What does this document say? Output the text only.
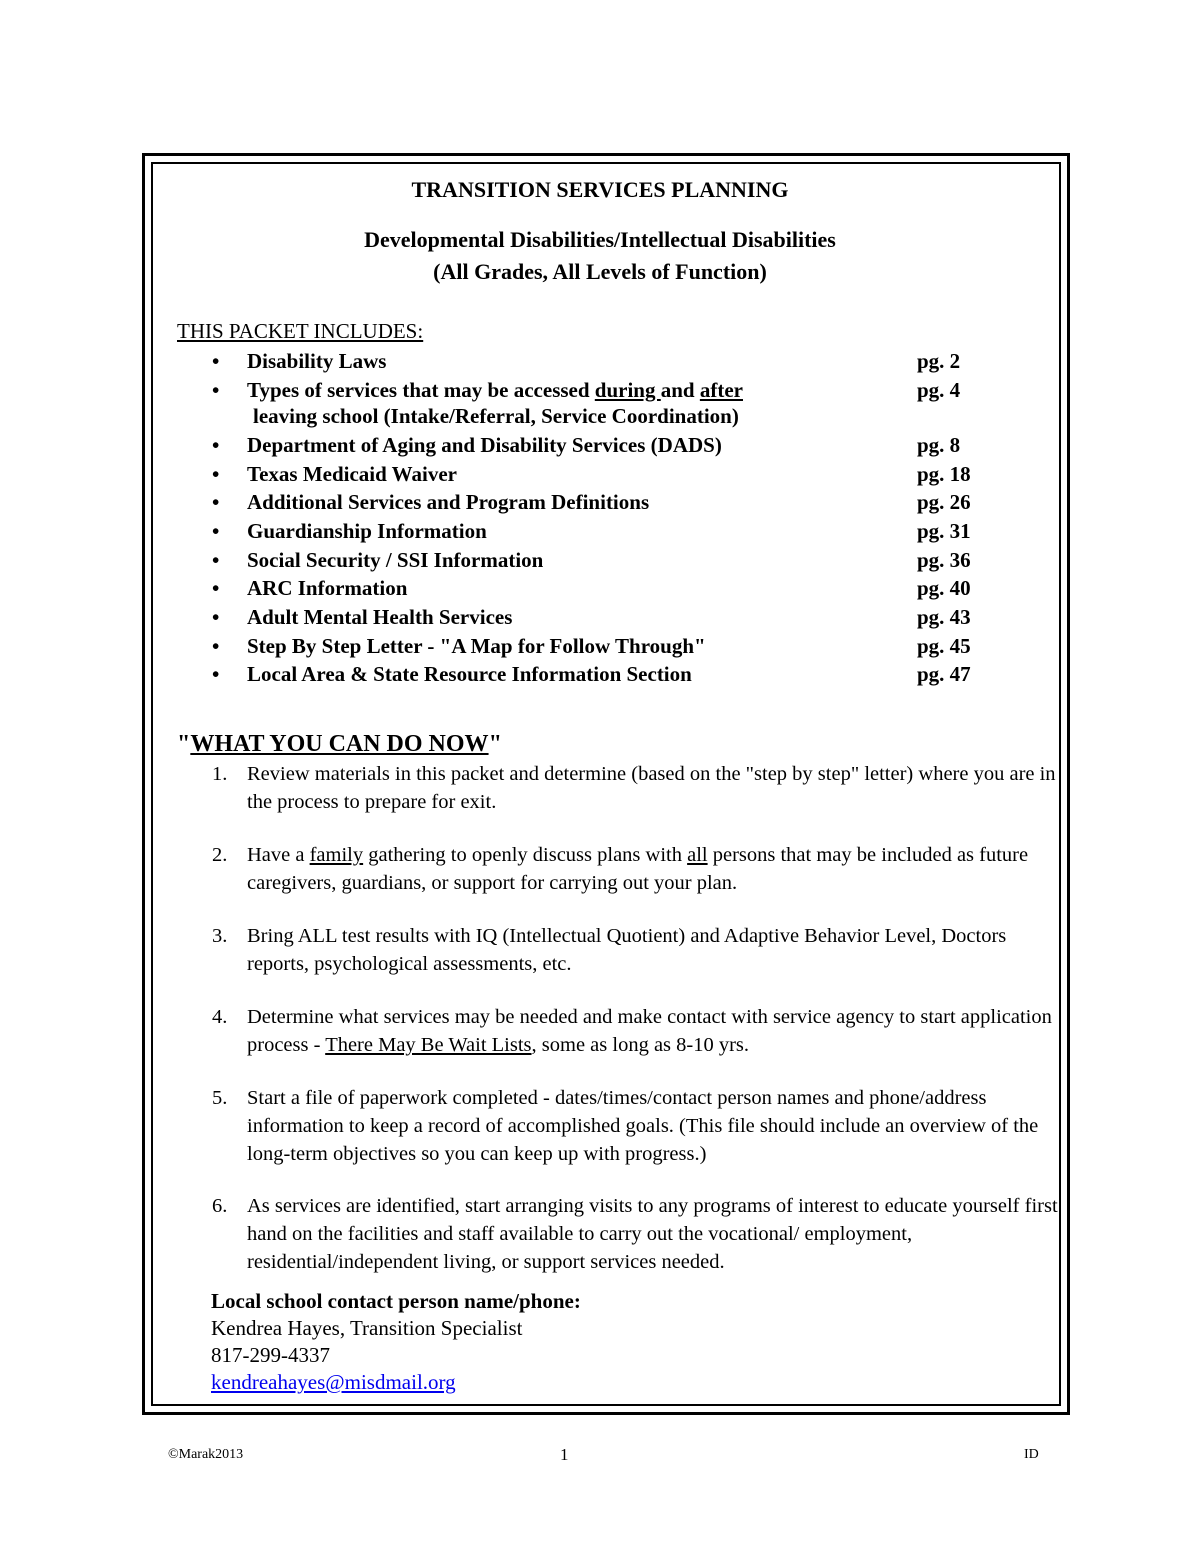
TRANSITION SERVICES PLANNING
Developmental Disabilities/Intellectual Disabilities
(All Grades, All Levels of Function)
THIS PACKET INCLUDES:
• Disability Laws	pg. 2
• Types of services that may be accessed during and after	pg. 4
leaving school (Intake/Referral, Service Coordination)
• Department of Aging and Disability Services (DADS)	pg. 8
• Texas Medicaid Waiver	pg. 18
• Additional Services and Program Definitions	pg. 26
• Guardianship Information	pg. 31
• Social Security / SSI Information	pg. 36
• ARC Information	pg. 40
• Adult Mental Health Services	pg. 43
• Step By Step Letter - "A Map for Follow Through"	pg. 45
• Local Area & State Resource Information Section	pg. 47
"WHAT YOU CAN DO NOW"
1. Review materials in this packet and determine (based on the "step by step" letter) where you are in the process to prepare for exit.
2. Have a family gathering to openly discuss plans with all persons that may be included as future caregivers, guardians, or support for carrying out your plan.
3. Bring ALL test results with IQ (Intellectual Quotient) and Adaptive Behavior Level, Doctors reports, psychological assessments, etc.
4. Determine what services may be needed and make contact with service agency to start application process - There May Be Wait Lists, some as long as 8-10 yrs.
5. Start a file of paperwork completed - dates/times/contact person names and phone/address information to keep a record of accomplished goals. (This file should include an overview of the long-term objectives so you can keep up with progress.)
6. As services are identified, start arranging visits to any programs of interest to educate yourself first hand on the facilities and staff available to carry out the vocational/ employment, residential/independent living, or support services needed.
Local school contact person name/phone:
Kendrea Hayes, Transition Specialist
817-299-4337
kendreahayes@misdmail.org
©Marak2013	1	ID
